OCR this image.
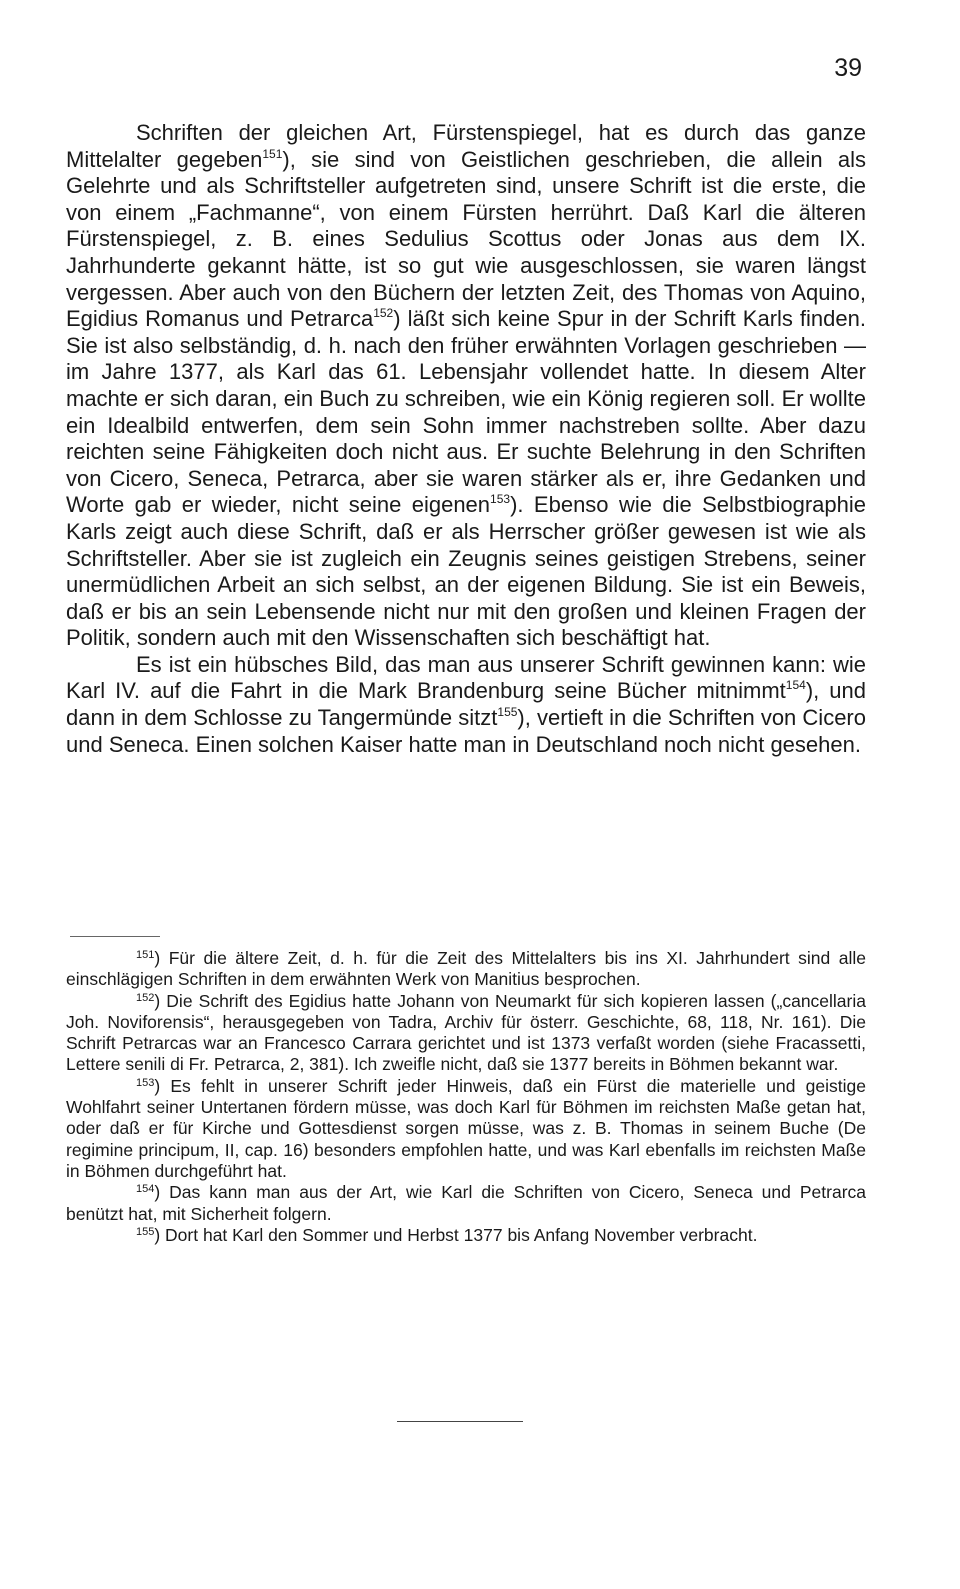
39

Schriften der gleichen Art, Fürstenspiegel, hat es durch das ganze Mittelalter gegeben$^{151}$), sie sind von Geistlichen geschrieben, die allein als Gelehrte und als Schriftsteller aufgetreten sind, unsere Schrift ist die erste, die von einem „Fachmanne“, von einem Fürsten herrührt. Daß Karl die älteren Fürstenspiegel, z. B. eines Sedulius Scottus oder Jonas aus dem IX. Jahrhunderte gekannt hätte, ist so gut wie ausgeschlossen, sie waren längst vergessen. Aber auch von den Büchern der letzten Zeit, des Thomas von Aquino, Egidius Romanus und Petrarca$^{152}$) läßt sich keine Spur in der Schrift Karls finden. Sie ist also selbständig, d. h. nach den früher erwähnten Vorlagen geschrieben — im Jahre 1377, als Karl das 61. Lebensjahr vollendet hatte. In diesem Alter machte er sich daran, ein Buch zu schreiben, wie ein König regieren soll. Er wollte ein Idealbild entwerfen, dem sein Sohn immer nachstreben sollte. Aber dazu reichten seine Fähigkeiten doch nicht aus. Er suchte Belehrung in den Schriften von Cicero, Seneca, Petrarca, aber sie waren stärker als er, ihre Gedanken und Worte gab er wieder, nicht seine eigenen$^{153}$). Ebenso wie die Selbstbiographie Karls zeigt auch diese Schrift, daß er als Herrscher größer gewesen ist wie als Schriftsteller. Aber sie ist zugleich ein Zeugnis seines geistigen Strebens, seiner unermüdlichen Arbeit an sich selbst, an der eigenen Bildung. Sie ist ein Beweis, daß er bis an sein Lebensende nicht nur mit den großen und kleinen Fragen der Politik, sondern auch mit den Wissenschaften sich beschäftigt hat.

Es ist ein hübsches Bild, das man aus unserer Schrift gewinnen kann: wie Karl IV. auf die Fahrt in die Mark Brandenburg seine Bücher mitnimmt$^{154}$), und dann in dem Schlosse zu Tangermünde sitzt$^{155}$), vertieft in die Schriften von Cicero und Seneca. Einen solchen Kaiser hatte man in Deutschland noch nicht gesehen.

$^{151}$) Für die ältere Zeit, d. h. für die Zeit des Mittelalters bis ins XI. Jahrhundert sind alle einschlägigen Schriften in dem erwähnten Werk von Manitius besprochen.

$^{152}$) Die Schrift des Egidius hatte Johann von Neumarkt für sich kopieren lassen („cancellaria Joh. Noviforensis“, herausgegeben von Tadra, Archiv für österr. Geschichte, 68, 118, Nr. 161). Die Schrift Petrarcas war an Francesco Carrara gerichtet und ist 1373 verfaßt worden (siehe Fracassetti, Lettere senili di Fr. Petrarca, 2, 381). Ich zweifle nicht, daß sie 1377 bereits in Böhmen bekannt war.

$^{153}$) Es fehlt in unserer Schrift jeder Hinweis, daß ein Fürst die materielle und geistige Wohlfahrt seiner Untertanen fördern müsse, was doch Karl für Böhmen im reichsten Maße getan hat, oder daß er für Kirche und Gottesdienst sorgen müsse, was z. B. Thomas in seinem Buche (De regimine principum, II, cap. 16) besonders empfohlen hatte, und was Karl ebenfalls im reichsten Maße in Böhmen durchgeführt hat.

$^{154}$) Das kann man aus der Art, wie Karl die Schriften von Cicero, Seneca und Petrarca benützt hat, mit Sicherheit folgern.

$^{155}$) Dort hat Karl den Sommer und Herbst 1377 bis Anfang November verbracht.
